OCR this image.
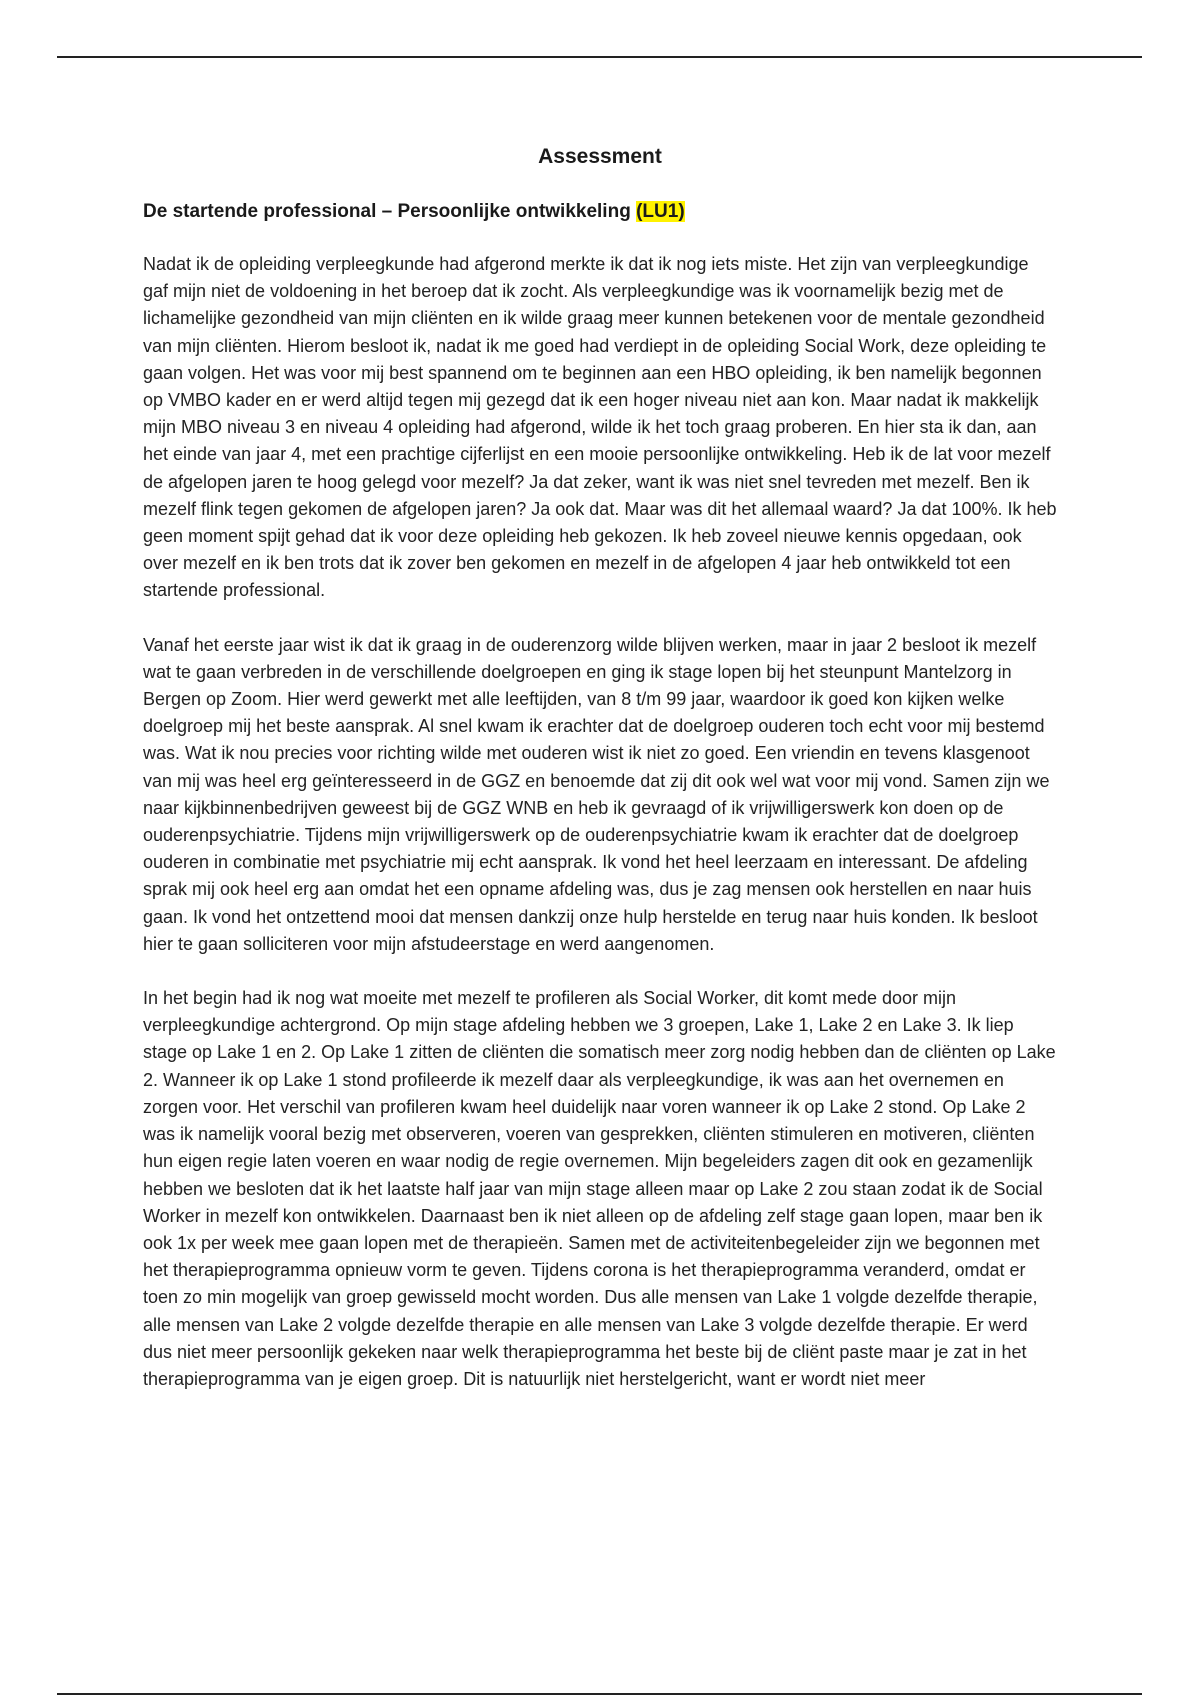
Assessment
De startende professional – Persoonlijke ontwikkeling (LU1)

Nadat ik de opleiding verpleegkunde had afgerond merkte ik dat ik nog iets miste. Het zijn van verpleegkundige gaf mijn niet de voldoening in het beroep dat ik zocht. Als verpleegkundige was ik voornamelijk bezig met de lichamelijke gezondheid van mijn cliënten en ik wilde graag meer kunnen betekenen voor de mentale gezondheid van mijn cliënten. Hierom besloot ik, nadat ik me goed had verdiept in de opleiding Social Work, deze opleiding te gaan volgen. Het was voor mij best spannend om te beginnen aan een HBO opleiding, ik ben namelijk begonnen op VMBO kader en er werd altijd tegen mij gezegd dat ik een hoger niveau niet aan kon. Maar nadat ik makkelijk mijn MBO niveau 3 en niveau 4 opleiding had afgerond, wilde ik het toch graag proberen. En hier sta ik dan, aan het einde van jaar 4, met een prachtige cijferlijst en een mooie persoonlijke ontwikkeling. Heb ik de lat voor mezelf de afgelopen jaren te hoog gelegd voor mezelf? Ja dat zeker, want ik was niet snel tevreden met mezelf. Ben ik mezelf flink tegen gekomen de afgelopen jaren? Ja ook dat. Maar was dit het allemaal waard? Ja dat 100%. Ik heb geen moment spijt gehad dat ik voor deze opleiding heb gekozen. Ik heb zoveel nieuwe kennis opgedaan, ook over mezelf en ik ben trots dat ik zover ben gekomen en mezelf in de afgelopen 4 jaar heb ontwikkeld tot een startende professional.

Vanaf het eerste jaar wist ik dat ik graag in de ouderenzorg wilde blijven werken, maar in jaar 2 besloot ik mezelf wat te gaan verbreden in de verschillende doelgroepen en ging ik stage lopen bij het steunpunt Mantelzorg in Bergen op Zoom. Hier werd gewerkt met alle leeftijden, van 8 t/m 99 jaar, waardoor ik goed kon kijken welke doelgroep mij het beste aansprak. Al snel kwam ik erachter dat de doelgroep ouderen toch echt voor mij bestemd was. Wat ik nou precies voor richting wilde met ouderen wist ik niet zo goed. Een vriendin en tevens klasgenoot van mij was heel erg geïnteresseerd in de GGZ en benoemde dat zij dit ook wel wat voor mij vond. Samen zijn we naar kijkbinnenbedrijven geweest bij de GGZ WNB en heb ik gevraagd of ik vrijwilligerswerk kon doen op de ouderenpsychiatrie. Tijdens mijn vrijwilligerswerk op de ouderenpsychiatrie kwam ik erachter dat de doelgroep ouderen in combinatie met psychiatrie mij echt aansprak. Ik vond het heel leerzaam en interessant. De afdeling sprak mij ook heel erg aan omdat het een opname afdeling was, dus je zag mensen ook herstellen en naar huis gaan. Ik vond het ontzettend mooi dat mensen dankzij onze hulp herstelde en terug naar huis konden. Ik besloot hier te gaan solliciteren voor mijn afstudeerstage en werd aangenomen.

In het begin had ik nog wat moeite met mezelf te profileren als Social Worker, dit komt mede door mijn verpleegkundige achtergrond. Op mijn stage afdeling hebben we 3 groepen, Lake 1, Lake 2 en Lake 3. Ik liep stage op Lake 1 en 2. Op Lake 1 zitten de cliënten die somatisch meer zorg nodig hebben dan de cliënten op Lake 2. Wanneer ik op Lake 1 stond profileerde ik mezelf daar als verpleegkundige, ik was aan het overnemen en zorgen voor. Het verschil van profileren kwam heel duidelijk naar voren wanneer ik op Lake 2 stond. Op Lake 2 was ik namelijk vooral bezig met observeren, voeren van gesprekken, cliënten stimuleren en motiveren, cliënten hun eigen regie laten voeren en waar nodig de regie overnemen. Mijn begeleiders zagen dit ook en gezamenlijk hebben we besloten dat ik het laatste half jaar van mijn stage alleen maar op Lake 2 zou staan zodat ik de Social Worker in mezelf kon ontwikkelen. Daarnaast ben ik niet alleen op de afdeling zelf stage gaan lopen, maar ben ik ook 1x per week mee gaan lopen met de therapieën. Samen met de activiteitenbegeleider zijn we begonnen met het therapieprogramma opnieuw vorm te geven. Tijdens corona is het therapieprogramma veranderd, omdat er toen zo min mogelijk van groep gewisseld mocht worden. Dus alle mensen van Lake 1 volgde dezelfde therapie, alle mensen van Lake 2 volgde dezelfde therapie en alle mensen van Lake 3 volgde dezelfde therapie. Er werd dus niet meer persoonlijk gekeken naar welk therapieprogramma het beste bij de cliënt paste maar je zat in het therapieprogramma van je eigen groep. Dit is natuurlijk niet herstelgericht, want er wordt niet meer
